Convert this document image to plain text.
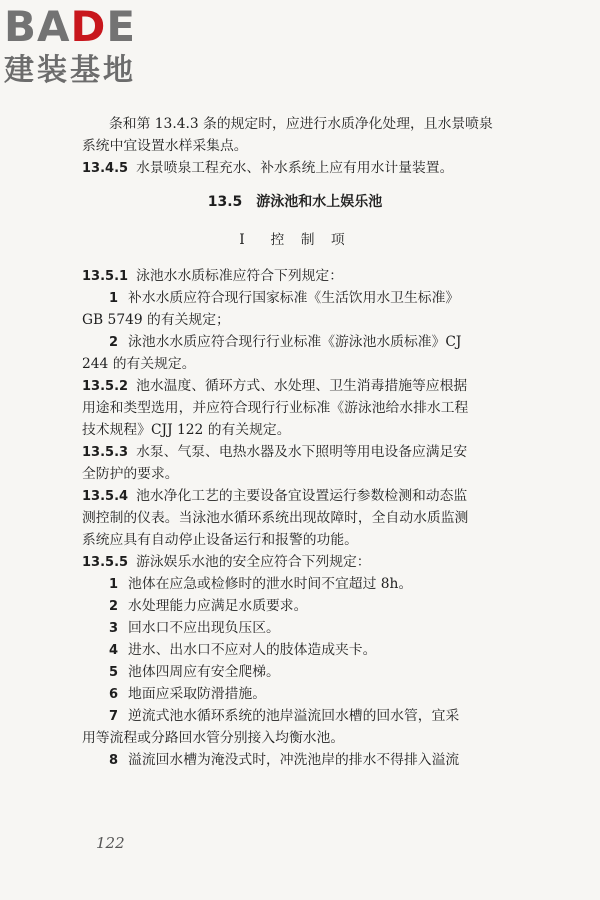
B A D E
建装基地
条和第 13.4.3 条的规定时，应进行水质净化处理，且水景喷泉
系统中宜设置水样采集点。
13.4.5 水景喷泉工程充水、补水系统上应有用水计量装置。
13.5　游泳池和水上娱乐池
Ⅰ　控 制 项
13.5.1 泳池水水质标准应符合下列规定：
1 补水水质应符合现行国家标准《生活饮用水卫生标准》
GB 5749 的有关规定；
2 泳池水水质应符合现行行业标准《游泳池水质标准》CJ
244 的有关规定。
13.5.2 池水温度、循环方式、水处理、卫生消毒措施等应根据
用途和类型选用，并应符合现行行业标准《游泳池给水排水工程
技术规程》CJJ 122 的有关规定。
13.5.3 水泵、气泵、电热水器及水下照明等用电设备应满足安
全防护的要求。
13.5.4 池水净化工艺的主要设备宜设置运行参数检测和动态监
测控制的仪表。当泳池水循环系统出现故障时，全自动水质监测
系统应具有自动停止设备运行和报警的功能。
13.5.5 游泳娱乐水池的安全应符合下列规定：
1 池体在应急或检修时的泄水时间不宜超过 8h。
2 水处理能力应满足水质要求。
3 回水口不应出现负压区。
4 进水、出水口不应对人的肢体造成夹卡。
5 池体四周应有安全爬梯。
6 地面应采取防滑措施。
7 逆流式池水循环系统的池岸溢流回水槽的回水管，宜采
用等流程或分路回水管分别接入均衡水池。
8 溢流回水槽为淹没式时，冲洗池岸的排水不得排入溢流
122
